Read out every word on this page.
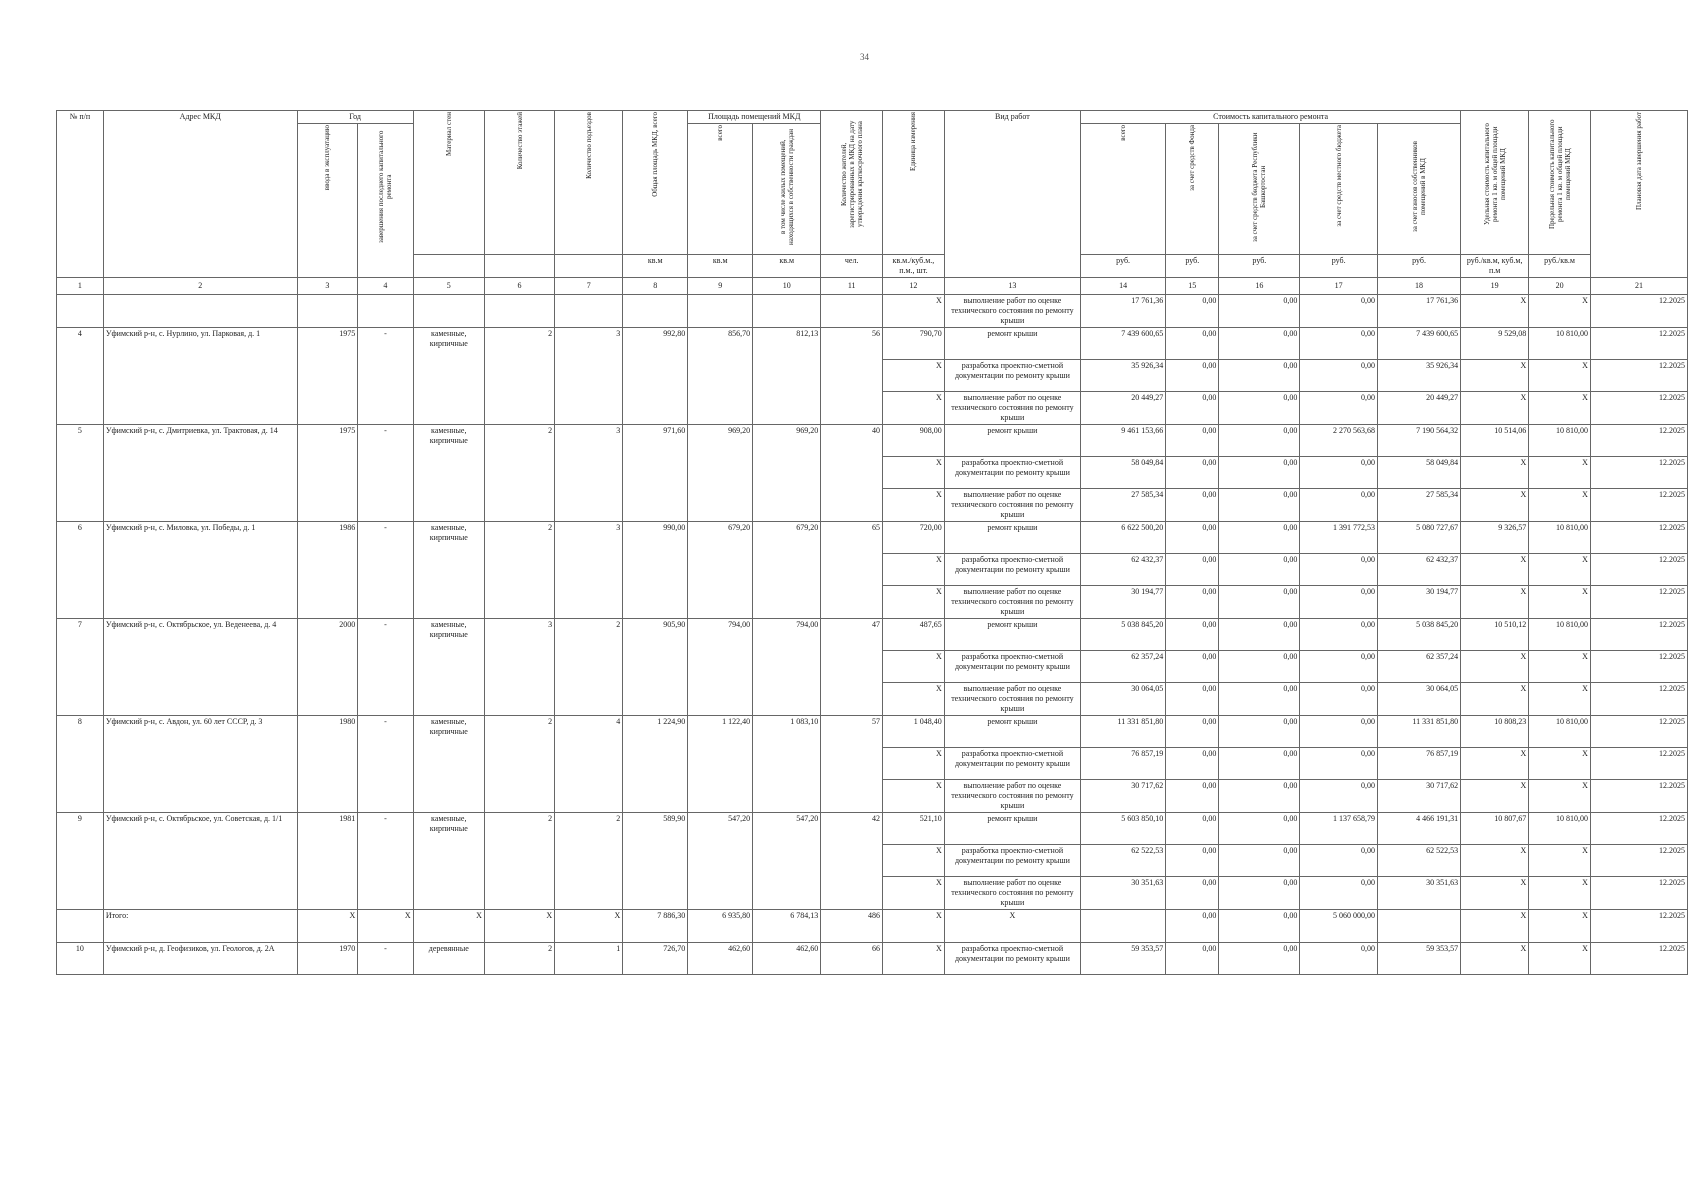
34
№ п/п	Адрес МКД	Год		Материал стен	Количество этажей	Количество подъездов	Общая площадь МКД, всего	Площадь помещений МКД		Количество жителей, зарегистрированных в МКД на дату утверждения краткосрочного плана	Единица измерения	Вид работ	Стоимость капитального ремонта					Удельная стоимость капитального ремонта 1 кв. м общей площади помещений МКД	Предельная стоимость капитального ремонта 1 кв. м общей площади помещений МКД	Плановая дата завершения работ

		ввода в эксплуатацию	завершения последнего капитального ремонта					всего	в том числе жилых помещений, находящихся в собственности граждан				всего	за счет средств Фонда	за счет средств бюджета Республики Башкортостан	за счет средств местного бюджета	за счет взносов собственников помещений в МКД			

							кв.м	кв.м	кв.м	чел.	кв.м./куб.м., п.м., шт.		руб.	руб.	руб.	руб.	руб.	руб./кв.м, куб.м, п.м	руб./кв.м	
1	2	3	4	5	6	7	8	9	10	11	12	13	14	15	16	17	18	19	20	21
											Х	выполнение работ по оценке технического состояния по ремонту крыши	17 761,36	0,00	0,00	0,00	17 761,36	Х	Х	12.2025
4	Уфимский р-н, с. Нурлино, ул. Парковая, д. 1	1975	-	каменные, кирпичные	2	3	992,80	856,70	812,13	56	790,70	ремонт крыши	7 439 600,65	0,00	0,00	0,00	7 439 600,65	9 529,08	10 810,00	12.2025
											Х	разработка проектно-сметной документации по ремонту крыши	35 926,34	0,00	0,00	0,00	35 926,34	Х	Х	12.2025
											Х	выполнение работ по оценке технического состояния по ремонту крыши	20 449,27	0,00	0,00	0,00	20 449,27	Х	Х	12.2025
5	Уфимский р-н, с. Дмитриевка, ул. Трактовая, д. 14	1975	-	каменные, кирпичные	2	3	971,60	969,20	969,20	40	908,00	ремонт крыши	9 461 153,66	0,00	0,00	2 270 563,68	7 190 564,32	10 514,06	10 810,00	12.2025
											Х	разработка проектно-сметной документации по ремонту крыши	58 049,84	0,00	0,00	0,00	58 049,84	Х	Х	12.2025
											Х	выполнение работ по оценке технического состояния по ремонту крыши	27 585,34	0,00	0,00	0,00	27 585,34	Х	Х	12.2025
6	Уфимский р-н, с. Миловка, ул. Победы, д. 1	1986	-	каменные, кирпичные	2	3	990,00	679,20	679,20	65	720,00	ремонт крыши	6 622 500,20	0,00	0,00	1 391 772,53	5 080 727,67	9 326,57	10 810,00	12.2025
											Х	разработка проектно-сметной документации по ремонту крыши	62 432,37	0,00	0,00	0,00	62 432,37	Х	Х	12.2025
											Х	выполнение работ по оценке технического состояния по ремонту крыши	30 194,77	0,00	0,00	0,00	30 194,77	Х	Х	12.2025
7	Уфимский р-н, с. Октябрьское, ул. Веденеева, д. 4	2000	-	каменные, кирпичные	3	2	905,90	794,00	794,00	47	487,65	ремонт крыши	5 038 845,20	0,00	0,00	0,00	5 038 845,20	10 510,12	10 810,00	12.2025
											Х	разработка проектно-сметной документации по ремонту крыши	62 357,24	0,00	0,00	0,00	62 357,24	Х	Х	12.2025
											Х	выполнение работ по оценке технического состояния по ремонту крыши	30 064,05	0,00	0,00	0,00	30 064,05	Х	Х	12.2025
8	Уфимский р-н, с. Авдон, ул. 60 лет СССР, д. 3	1980	-	каменные, кирпичные	2	4	1 224,90	1 122,40	1 083,10	57	1 048,40	ремонт крыши	11 331 851,80	0,00	0,00	0,00	11 331 851,80	10 808,23	10 810,00	12.2025
											Х	разработка проектно-сметной документации по ремонту крыши	76 857,19	0,00	0,00	0,00	76 857,19	Х	Х	12.2025
											Х	выполнение работ по оценке технического состояния по ремонту крыши	30 717,62	0,00	0,00	0,00	30 717,62	Х	Х	12.2025
9	Уфимский р-н, с. Октябрьское, ул. Советская, д. 1/1	1981	-	каменные, кирпичные	2	2	589,90	547,20	547,20	42	521,10	ремонт крыши	5 603 850,10	0,00	0,00	1 137 658,79	4 466 191,31	10 807,67	10 810,00	12.2025
											Х	разработка проектно-сметной документации по ремонту крыши	62 522,53	0,00	0,00	0,00	62 522,53	Х	Х	12.2025
											Х	выполнение работ по оценке технического состояния по ремонту крыши	30 351,63	0,00	0,00	0,00	30 351,63	Х	Х	12.2025
	Итого:	Х	Х	Х	Х	Х	7 886,30	6 935,80	6 784,13	486	Х	Х		0,00	0,00	5 060 000,00		Х	Х	12.2025
10	Уфимский р-н, д. Геофизиков, ул. Геологов, д. 2А	1970	-	деревянные	2	1	726,70	462,60	462,60	66	Х	разработка проектно-сметной документации по ремонту крыши	59 353,57	0,00	0,00	0,00	59 353,57	Х	Х	12.2025
